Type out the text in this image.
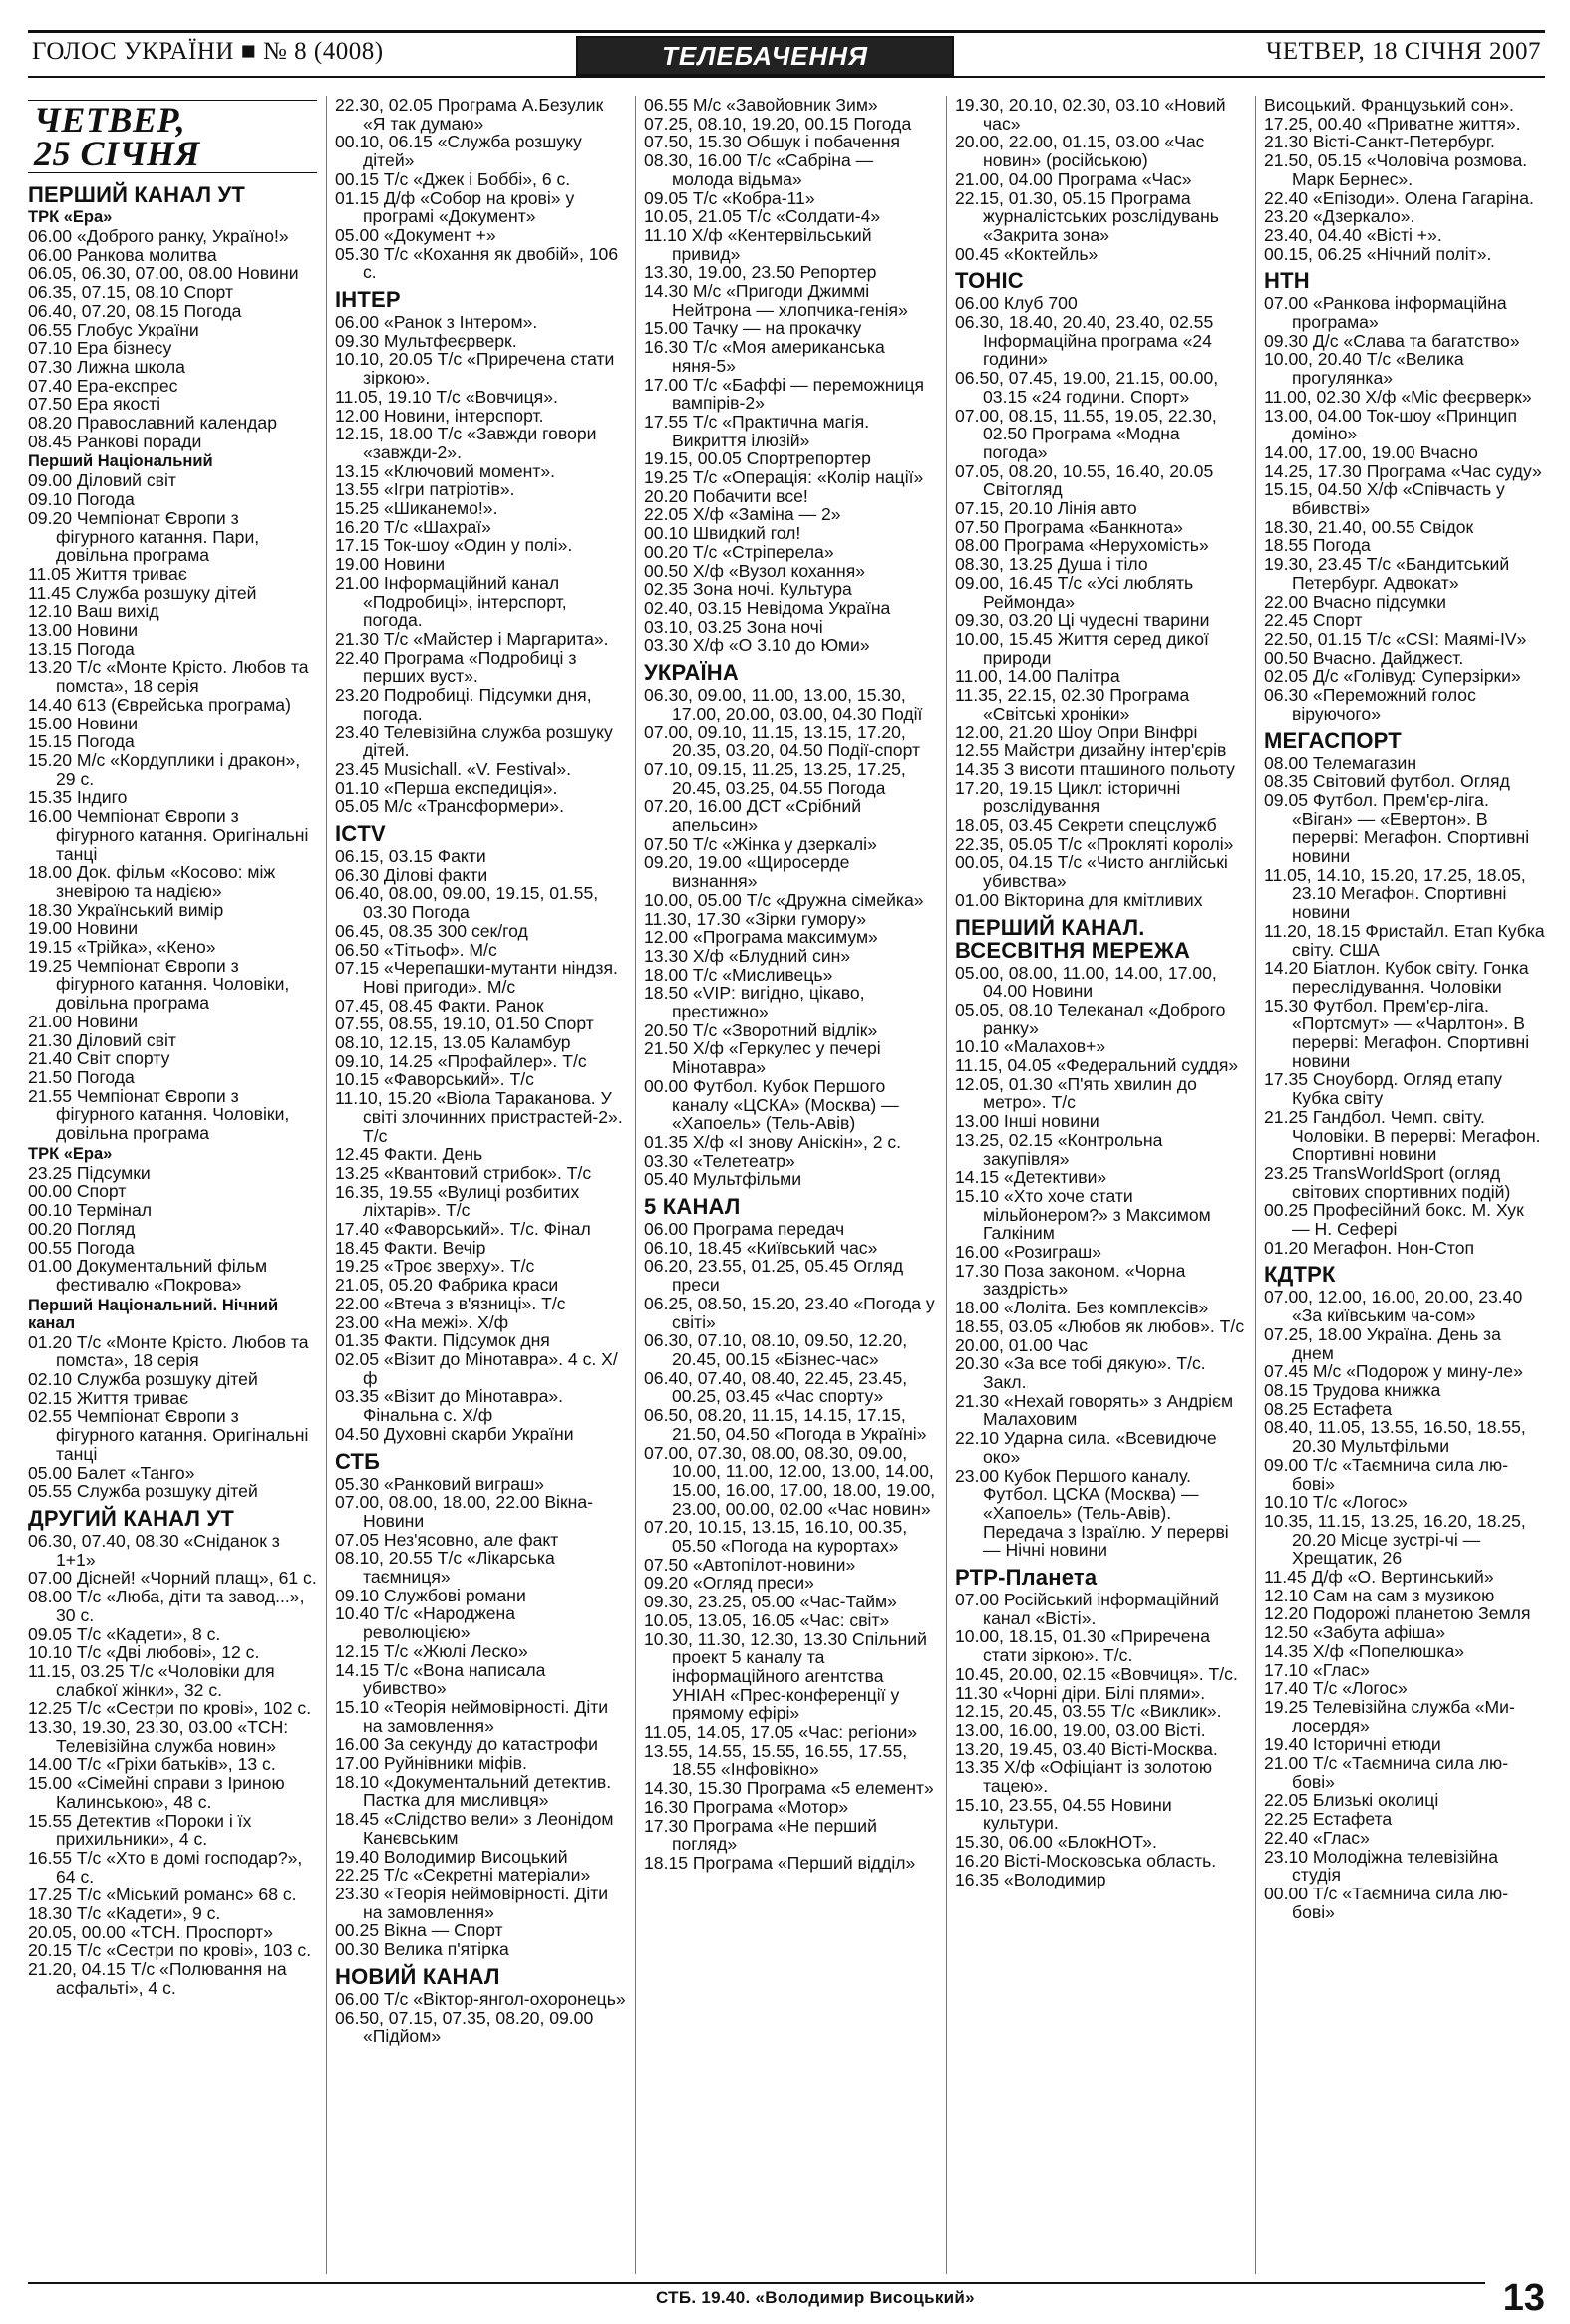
ГОЛОС УКРАЇНИ ■ № 8 (4008)	ТЕЛЕБАЧЕННЯ	ЧЕТВЕР, 18 СІЧНЯ 2007
ЧЕТВЕР,
25 СІЧНЯ
ПЕРШИЙ КАНАЛ УТ
ТРК «Ера»
06.00 «Доброго ранку, Україно!»
06.00 Ранкова молитва
06.05, 06.30, 07.00, 08.00 Новини
06.35, 07.15, 08.10 Спорт
06.40, 07.20, 08.15 Погода
06.55 Глобус України
07.10 Ера бізнесу
07.30 Лижна школа
07.40 Ера-експрес
07.50 Ера якості
08.20 Православний календар
08.45 Ранкові поради
Перший Національний
09.00 Діловий світ
09.10 Погода
09.20 Чемпіонат Європи з фігурного катання. Пари, довільна програма
11.05 Життя триває
11.45 Служба розшуку дітей
12.10 Ваш вихід
13.00 Новини
13.15 Погода
13.20 Т/с «Монте Крісто. Любов та помста», 18 серія
14.40 613 (Єврейська програма)
15.00 Новини
15.15 Погода
15.20 М/с «Кордуплики і дракон», 29 с.
15.35 Індиго
16.00 Чемпіонат Європи з фігурного катання. Оригінальні танці
18.00 Док. фільм «Косово: між зневірою та надією»
18.30 Український вимір
19.00 Новини
19.15 «Трійка», «Кено»
19.25 Чемпіонат Європи з фігурного катання. Чоловіки, довільна програма
21.00 Новини
21.30 Діловий світ
21.40 Світ спорту
21.50 Погода
21.55 Чемпіонат Європи з фігурного катання. Чоловіки, довільна програма
ТРК «Ера»
23.25 Підсумки
00.00 Спорт
00.10 Термінал
00.20 Погляд
00.55 Погода
01.00 Документальний фільм фестивалю «Покрова»
Перший Національний. Нічний канал
01.20 Т/с «Монте Крісто. Любов та помста», 18 серія
02.10 Служба розшуку дітей
02.15 Життя триває
02.55 Чемпіонат Європи з фігурного катання. Оригінальні танці
05.00 Балет «Танго»
05.55 Служба розшуку дітей
ДРУГИЙ КАНАЛ УТ
06.30, 07.40, 08.30 «Сніданок з 1+1»
07.00 Дісней! «Чорний плащ», 61 с.
08.00 Т/с «Люба, діти та завод...», 30 с.
09.05 Т/с «Кадети», 8 с.
10.10 Т/с «Дві любові», 12 с.
11.15, 03.25 Т/с «Чоловіки для слабкої жінки», 32 с.
12.25 Т/с «Сестри по крові», 102 с.
13.30, 19.30, 23.30, 03.00 «ТСН: Телевізійна служба новин»
14.00 Т/с «Гріхи батьків», 13 с.
15.00 «Сімейні справи з Іриною Калинською», 48 с.
15.55 Детектив «Пороки і їх прихильники», 4 с.
16.55 Т/с «Хто в домі господар?», 64 с.
17.25 Т/с «Міський романс» 68 с.
18.30 Т/с «Кадети», 9 с.
20.05, 00.00 «ТСН. Проспорт»
20.15 Т/с «Сестри по крові», 103 с.
21.20, 04.15 Т/с «Полювання на асфальті», 4 с.
22.30, 02.05 Програма А.Безулик «Я так думаю»
00.10, 06.15 «Служба розшуку дітей»
00.15 Т/с «Джек і Боббі», 6 с.
01.15 Д/ф «Собор на крові» у програмі «Документ»
05.00 «Документ +»
05.30 Т/с «Кохання як двобій», 106 с.
ІНТЕР
06.00 «Ранок з Інтером».
09.30 Мультфеєрверк.
10.10, 20.05 Т/с «Приречена стати зіркою».
11.05, 19.10 Т/с «Вовчиця».
12.00 Новини, інтерспорт.
12.15, 18.00 Т/с «Завжди говори «завжди-2».
13.15 «Ключовий момент».
13.55 «Ігри патріотів».
15.25 «Шиканемо!».
16.20 Т/с «Шахраї»
17.15 Ток-шоу «Один у полі».
19.00 Новини
21.00 Інформаційний канал «Подробиці», інтерспорт, погода.
21.30 Т/с «Майстер і Маргарита».
22.40 Програма «Подробиці з перших вуст».
23.20 Подробиці. Підсумки дня, погода.
23.40 Телевізійна служба розшуку дітей.
23.45 Musichall. «V. Festival».
01.10 «Перша експедиція».
05.05 М/с «Трансформери».
ICTV
06.15, 03.15 Факти
06.30 Ділові факти
06.40, 08.00, 09.00, 19.15, 01.55, 03.30 Погода
06.45, 08.35 300 сек/год
06.50 «Тітьоф». М/с
07.15 «Черепашки-мутанти ніндзя. Нові пригоди». М/с
07.45, 08.45 Факти. Ранок
07.55, 08.55, 19.10, 01.50 Спорт
08.10, 12.15, 13.05 Каламбур
09.10, 14.25 «Профайлер». Т/с
10.15 «Фаворський». Т/с
11.10, 15.20 «Віола Тараканова. У світі злочинних пристрастей-2». Т/с
12.45 Факти. День
13.25 «Квантовий стрибок». Т/с
16.35, 19.55 «Вулиці розбитих ліхтарів». Т/с
17.40 «Фаворський». Т/с. Фінал
18.45 Факти. Вечір
19.25 «Троє зверху». Т/с
21.05, 05.20 Фабрика краси
22.00 «Втеча з в'язниці». Т/с
23.00 «На межі». Х/ф
01.35 Факти. Підсумок дня
02.05 «Візит до Мінотавра». 4 с. Х/ф
03.35 «Візит до Мінотавра». Фінальна с. Х/ф
04.50 Духовні скарби України
СТБ
05.30 «Ранковий виграш»
07.00, 08.00, 18.00, 22.00 Вікна-Новини
07.05 Нез'ясовно, але факт
08.10, 20.55 Т/с «Лікарська таємниця»
09.10 Службові романи
10.40 Т/с «Народжена революцією»
12.15 Т/с «Жюлі Леско»
14.15 Т/с «Вона написала убивство»
15.10 «Теорія неймовірності. Діти на замовлення»
16.00 За секунду до катастрофи
17.00 Руйнівники міфів.
18.10 «Документальний детектив. Пастка для мисливця»
18.45 «Слідство вели» з Леонідом Канєвським
19.40 Володимир Висоцький
22.25 Т/с «Секретні матеріали»
23.30 «Теорія неймовірності. Діти на замовлення»
00.25 Вікна — Спорт
00.30 Велика п'ятірка
НОВИЙ КАНАЛ
06.00 Т/с «Віктор-янгол-охоронець»
06.50, 07.15, 07.35, 08.20, 09.00 «Підйом»
06.55 М/с «Завойовник Зим»
07.25, 08.10, 19.20, 00.15 Погода
07.50, 15.30 Обшук і побачення
08.30, 16.00 Т/с «Сабріна — молода відьма»
09.05 Т/с «Кобра-11»
10.05, 21.05 Т/с «Солдати-4»
11.10 Х/ф «Кентервільський привид»
13.30, 19.00, 23.50 Репортер
14.30 М/с «Пригоди Джиммі Нейтрона — хлопчика-генія»
15.00 Тачку — на прокачку
16.30 Т/с «Моя американська няня-5»
17.00 Т/с «Баффі — переможниця вампірів-2»
17.55 Т/с «Практична магія. Викриття ілюзій»
19.15, 00.05 Спортрепортер
19.25 Т/с «Операція: «Колір нації»
20.20 Побачити все!
22.05 Х/ф «Заміна — 2»
00.10 Швидкий гол!
00.20 Т/с «Стріперела»
00.50 Х/ф «Вузол кохання»
02.35 Зона ночі. Культура
02.40, 03.15 Невідома Україна
03.10, 03.25 Зона ночі
03.30 Х/ф «О 3.10 до Юми»
УКРАЇНА
06.30, 09.00, 11.00, 13.00, 15.30, 17.00, 20.00, 03.00, 04.30 Події
07.00, 09.10, 11.15, 13.15, 17.20, 20.35, 03.20, 04.50 Події-спорт
07.10, 09.15, 11.25, 13.25, 17.25, 20.45, 03.25, 04.55 Погода
07.20, 16.00 ДСТ «Срібний апельсин»
07.50 Т/с «Жінка у дзеркалі»
09.20, 19.00 «Щиросерде визнання»
10.00, 05.00 Т/с «Дружна сімейка»
11.30, 17.30 «Зірки гумору»
12.00 «Програма максимум»
13.30 Х/ф «Блудний син»
18.00 Т/с «Мисливець»
18.50 «VIP: вигідно, цікаво, престижно»
20.50 Т/с «Зворотний відлік»
21.50 Х/ф «Геркулес у печері Мінотавра»
00.00 Футбол. Кубок Першого каналу «ЦСКА» (Москва) — «Хапоель» (Тель-Авів)
01.35 Х/ф «І знову Аніскін», 2 с.
03.30 «Телетеатр»
05.40 Мультфільми
5 КАНАЛ
06.00 Програма передач
06.10, 18.45 «Київський час»
06.20, 23.55, 01.25, 05.45 Огляд преси
06.25, 08.50, 15.20, 23.40 «Погода у світі»
06.30, 07.10, 08.10, 09.50, 12.20, 20.45, 00.15 «Бізнес-час»
06.40, 07.40, 08.40, 22.45, 23.45, 00.25, 03.45 «Час спорту»
06.50, 08.20, 11.15, 14.15, 17.15, 21.50, 04.50 «Погода в Україні»
07.00, 07.30, 08.00, 08.30, 09.00, 10.00, 11.00, 12.00, 13.00, 14.00, 15.00, 16.00, 17.00, 18.00, 19.00, 23.00, 00.00, 02.00 «Час новин»
07.20, 10.15, 13.15, 16.10, 00.35, 05.50 «Погода на курортах»
07.50 «Автопілот-новини»
09.20 «Огляд преси»
09.30, 23.25, 05.00 «Час-Тайм»
10.05, 13.05, 16.05 «Час: світ»
10.30, 11.30, 12.30, 13.30 Спільний проект 5 каналу та інформаційного агентства УНІАН «Прес-конференції у прямому ефірі»
11.05, 14.05, 17.05 «Час: регіони»
13.55, 14.55, 15.55, 16.55, 17.55, 18.55 «Інфовікно»
14.30, 15.30 Програма «5 елемент»
16.30 Програма «Мотор»
17.30 Програма «Не перший погляд»
18.15 Програма «Перший відділ»
19.30, 20.10, 02.30, 03.10 «Новий час»
20.00, 22.00, 01.15, 03.00 «Час новин» (російською)
21.00, 04.00 Програма «Час»
22.15, 01.30, 05.15 Програма журналістських розслідувань «Закрита зона»
00.45 «Коктейль»
ТОНІС
06.00 Клуб 700
06.30, 18.40, 20.40, 23.40, 02.55 Інформаційна програма «24 години»
06.50, 07.45, 19.00, 21.15, 00.00, 03.15 «24 години. Спорт»
07.00, 08.15, 11.55, 19.05, 22.30, 02.50 Програма «Модна погода»
07.05, 08.20, 10.55, 16.40, 20.05 Світогляд
07.15, 20.10 Лінія авто
07.50 Програма «Банкнота»
08.00 Програма «Нерухомість»
08.30, 13.25 Душа і тіло
09.00, 16.45 Т/с «Усі люблять Реймонда»
09.30, 03.20 Ці чудесні тварини
10.00, 15.45 Життя серед дикої природи
11.00, 14.00 Палітра
11.35, 22.15, 02.30 Програма «Світські хроніки»
12.00, 21.20 Шоу Опри Вінфрі
12.55 Майстри дизайну інтер'єрів
14.35 З висоти пташиного польоту
17.20, 19.15 Цикл: історичні розслідування
18.05, 03.45 Секрети спецслужб
22.35, 05.05 Т/с «Прокляті королі»
00.05, 04.15 Т/с «Чисто англійські убивства»
01.00 Вікторина для кмітливих
ПЕРШИЙ КАНАЛ. ВСЕСВІТНЯ МЕРЕЖА
05.00, 08.00, 11.00, 14.00, 17.00, 04.00 Новини
05.05, 08.10 Телеканал «Доброго ранку»
10.10 «Малахов+»
11.15, 04.05 «Федеральний суддя»
12.05, 01.30 «П'ять хвилин до метро». Т/с
13.00 Інші новини
13.25, 02.15 «Контрольна закупівля»
14.15 «Детективи»
15.10 «Хто хоче стати мільйонером?» з Максимом Галкіним
16.00 «Розиграш»
17.30 Поза законом. «Чорна заздрість»
18.00 «Лоліта. Без комплексів»
18.55, 03.05 «Любов як любов». Т/с
20.00, 01.00 Час
20.30 «За все тобі дякую». Т/с. Закл.
21.30 «Нехай говорять» з Андрієм Малаховим
22.10 Ударна сила. «Всевидюче око»
23.00 Кубок Першого каналу. Футбол. ЦСКА (Москва) — «Хапоель» (Тель-Авів). Передача з Ізраїлю. У перерві — Нічні новини
РТР-Планета
07.00 Російський інформаційний канал «Вісті».
10.00, 18.15, 01.30 «Приречена стати зіркою». Т/с.
10.45, 20.00, 02.15 «Вовчиця». Т/с.
11.30 «Чорні діри. Білі плями».
12.15, 20.45, 03.55 Т/с «Виклик».
13.00, 16.00, 19.00, 03.00 Вісті.
13.20, 19.45, 03.40 Вісті-Москва.
13.35 Х/ф «Офіціант із золотою тацею».
15.10, 23.55, 04.55 Новини культури.
15.30, 06.00 «БлокНОТ».
16.20 Вісті-Московська область.
16.35 «Володимир
Висоцький. Французький сон».
17.25, 00.40 «Приватне життя».
21.30 Вісті-Санкт-Петербург.
21.50, 05.15 «Чоловіча розмова. Марк Бернес».
22.40 «Епізоди». Олена Гагаріна.
23.20 «Дзеркало».
23.40, 04.40 «Вісті +».
00.15, 06.25 «Нічний політ».
НТН
07.00 «Ранкова інформаційна програма»
09.30 Д/с «Слава та багатство»
10.00, 20.40 Т/с «Велика прогулянка»
11.00, 02.30 Х/ф «Міс феєрверк»
13.00, 04.00 Ток-шоу «Принцип доміно»
14.00, 17.00, 19.00 Вчасно
14.25, 17.30 Програма «Час суду»
15.15, 04.50 Х/ф «Співчасть у вбивстві»
18.30, 21.40, 00.55 Свідок
18.55 Погода
19.30, 23.45 Т/с «Бандитський Петербург. Адвокат»
22.00 Вчасно підсумки
22.45 Спорт
22.50, 01.15 Т/с «CSI: Маямі-IV»
00.50 Вчасно. Дайджест.
02.05 Д/с «Голівуд: Суперзірки»
06.30 «Переможний голос віруючого»
МЕГАСПОРТ
08.00 Телемагазин
08.35 Світовий футбол. Огляд
09.05 Футбол. Прем'єр-ліга. «Віган» — «Евертон». В перерві: Мегафон. Спортивні новини
11.05, 14.10, 15.20, 17.25, 18.05, 23.10 Мегафон. Спортивні новини
11.20, 18.15 Фристайл. Етап Кубка світу. США
14.20 Біатлон. Кубок світу. Гонка переслідування. Чоловіки
15.30 Футбол. Прем'єр-ліга. «Портсмут» — «Чарлтон». В перерві: Мегафон. Спортивні новини
17.35 Сноуборд. Огляд етапу Кубка світу
21.25 Гандбол. Чемп. світу. Чоловіки. В перерві: Мегафон. Спортивні новини
23.25 TransWorldSport (огляд світових спортивних подій)
00.25 Професійний бокс. М. Хук — Н. Сефері
01.20 Мегафон. Нон-Стоп
КДТРК
07.00, 12.00, 16.00, 20.00, 23.40 «За київським ча-сом»
07.25, 18.00 Україна. День за днем
07.45 М/с «Подорож у мину-ле»
08.15 Трудова книжка
08.25 Естафета
08.40, 11.05, 13.55, 16.50, 18.55, 20.30 Мультфільми
09.00 Т/с «Таємнича сила лю-бові»
10.10 Т/с «Логос»
10.35, 11.15, 13.25, 16.20, 18.25, 20.20 Місце зустрі-чі — Хрещатик, 26
11.45 Д/ф «О. Вертинський»
12.10 Сам на сам з музикою
12.20 Подорожі планетою Земля
12.50 «Забута афіша»
14.35 Х/ф «Попелюшка»
17.10 «Глас»
17.40 Т/с «Логос»
19.25 Телевізійна служба «Ми-лосердя»
19.40 Історичні етюди
21.00 Т/с «Таємнича сила лю-бові»
22.05 Близькі околиці
22.25 Естафета
22.40 «Глас»
23.10 Молодіжна телевізійна студія
00.00 Т/с «Таємнича сила лю-бові»
СТБ. 19.40. «Володимир Висоцький»	13
